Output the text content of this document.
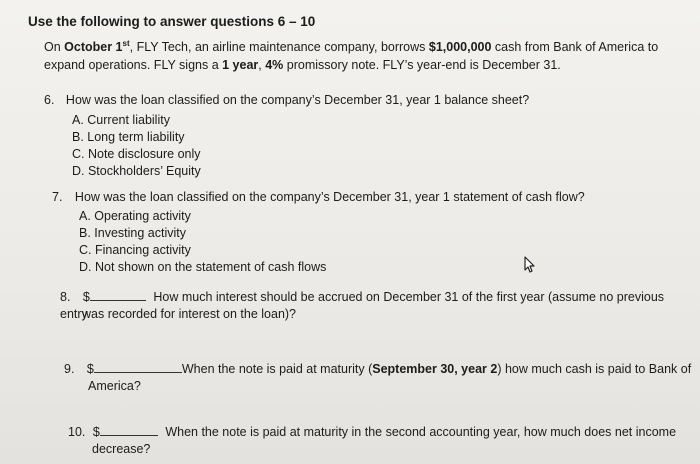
Use the following to answer questions 6 – 10
On October 1st, FLY Tech, an airline maintenance company, borrows $1,000,000 cash from Bank of America to expand operations. FLY signs a 1 year, 4% promissory note. FLY’s year-end is December 31.
6. How was the loan classified on the company’s December 31, year 1 balance sheet?
A. Current liability
B. Long term liability
C. Note disclosure only
D. Stockholders’ Equity
7. How was the loan classified on the company’s December 31, year 1 statement of cash flow?
A. Operating activity
B. Investing activity
C. Financing activity
D. Not shown on the statement of cash flows
8. $	How much interest should be accrued on December 31 of the first year (assume no previous entry
was recorded for interest on the loan)?
9. $	When the note is paid at maturity (September 30, year 2) how much cash is paid to Bank of
America?
10. $	When the note is paid at maturity in the second accounting year, how much does net income
decrease?
